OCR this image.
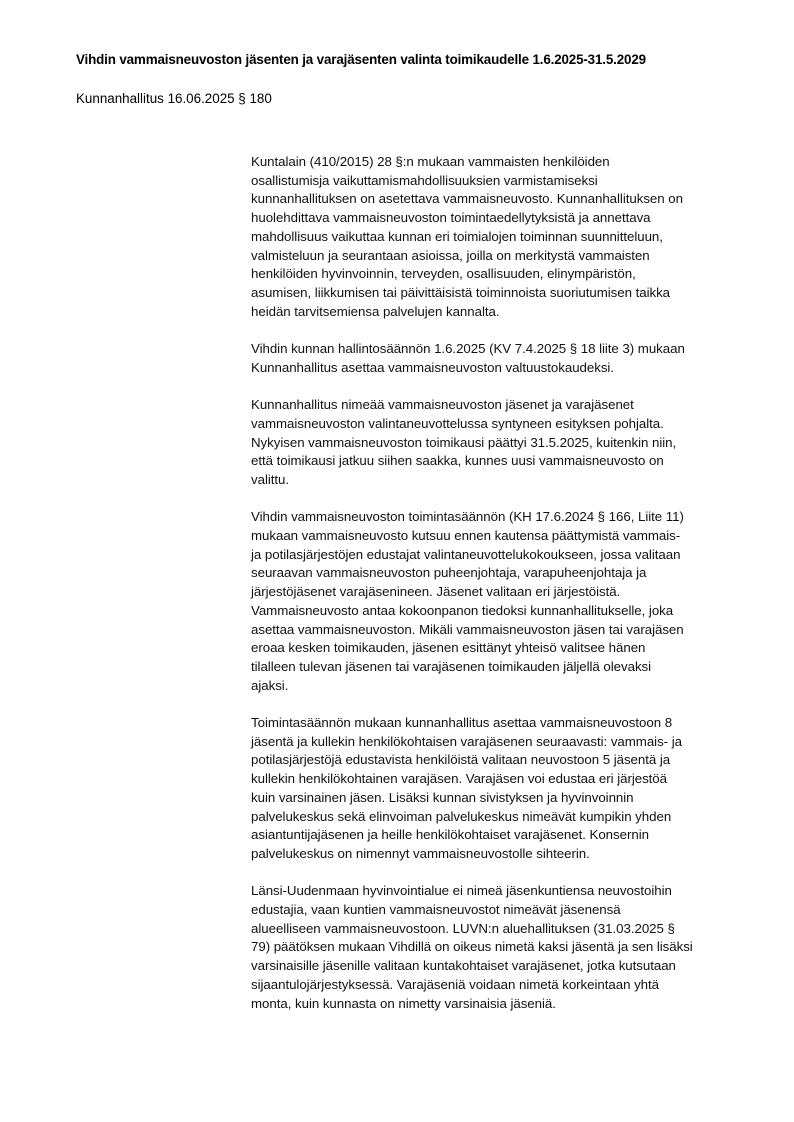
Vihdin vammaisneuvoston jäsenten ja varajäsenten valinta toimikaudelle 1.6.2025-31.5.2029
Kunnanhallitus 16.06.2025 § 180

Kuntalain (410/2015) 28 §:n mukaan vammaisten henkilöiden
osallistumisja vaikuttamismahdollisuuksien varmistamiseksi
kunnanhallituksen on asetettava vammaisneuvosto. Kunnanhallituksen on
huolehdittava vammaisneuvoston toimintaedellytyksistä ja annettava
mahdollisuus vaikuttaa kunnan eri toimialojen toiminnan suunnitteluun,
valmisteluun ja seurantaan asioissa, joilla on merkitystä vammaisten
henkilöiden hyvinvoinnin, terveyden, osallisuuden, elinympäristön,
asumisen, liikkumisen tai päivittäisistä toiminnoista suoriutumisen taikka
heidän tarvitsemiensa palvelujen kannalta.

Vihdin kunnan hallintosäännön 1.6.2025 (KV 7.4.2025 § 18 liite 3) mukaan
Kunnanhallitus asettaa vammaisneuvoston valtuustokaudeksi.

Kunnanhallitus nimeää vammaisneuvoston jäsenet ja varajäsenet
vammaisneuvoston valintaneuvottelussa syntyneen esityksen pohjalta.
Nykyisen vammaisneuvoston toimikausi päättyi 31.5.2025, kuitenkin niin,
että toimikausi jatkuu siihen saakka, kunnes uusi vammaisneuvosto on
valittu.

Vihdin vammaisneuvoston toimintasäännön (KH 17.6.2024 § 166, Liite 11)
mukaan vammaisneuvosto kutsuu ennen kautensa päättymistä vammais-
ja potilasjärjestöjen edustajat valintaneuvottelukokoukseen, jossa valitaan
seuraavan vammaisneuvoston puheenjohtaja, varapuheenjohtaja ja
järjestöjäsenet varajäsenineen. Jäsenet valitaan eri järjestöistä.
Vammaisneuvosto antaa kokoonpanon tiedoksi kunnanhallitukselle, joka
asettaa vammaisneuvoston. Mikäli vammaisneuvoston jäsen tai varajäsen
eroaa kesken toimikauden, jäsenen esittänyt yhteisö valitsee hänen
tilalleen tulevan jäsenen tai varajäsenen toimikauden jäljellä olevaksi
ajaksi.

Toimintasäännön mukaan kunnanhallitus asettaa vammaisneuvostoon 8
jäsentä ja kullekin henkilökohtaisen varajäsenen seuraavasti: vammais- ja
potilasjärjestöjä edustavista henkilöistä valitaan neuvostoon 5 jäsentä ja
kullekin henkilökohtainen varajäsen. Varajäsen voi edustaa eri järjestöä
kuin varsinainen jäsen. Lisäksi kunnan sivistyksen ja hyvinvoinnin
palvelukeskus sekä elinvoiman palvelukeskus nimeävät kumpikin yhden
asiantuntijajäsenen ja heille henkilökohtaiset varajäsenet. Konsernin
palvelukeskus on nimennyt vammaisneuvostolle sihteerin.

Länsi-Uudenmaan hyvinvointialue ei nimeä jäsenkuntiensa neuvostoihin
edustajia, vaan kuntien vammaisneuvostot nimeävät jäsenensä
alueelliseen vammaisneuvostoon. LUVN:n aluehallituksen (31.03.2025 §
79) päätöksen mukaan Vihdillä on oikeus nimetä kaksi jäsentä ja sen lisäksi
varsinaisille jäsenille valitaan kuntakohtaiset varajäsenet, jotka kutsutaan
sijaantulojärjestyksessä. Varajäseniä voidaan nimetä korkeintaan yhtä
monta, kuin kunnasta on nimetty varsinaisia jäseniä.
